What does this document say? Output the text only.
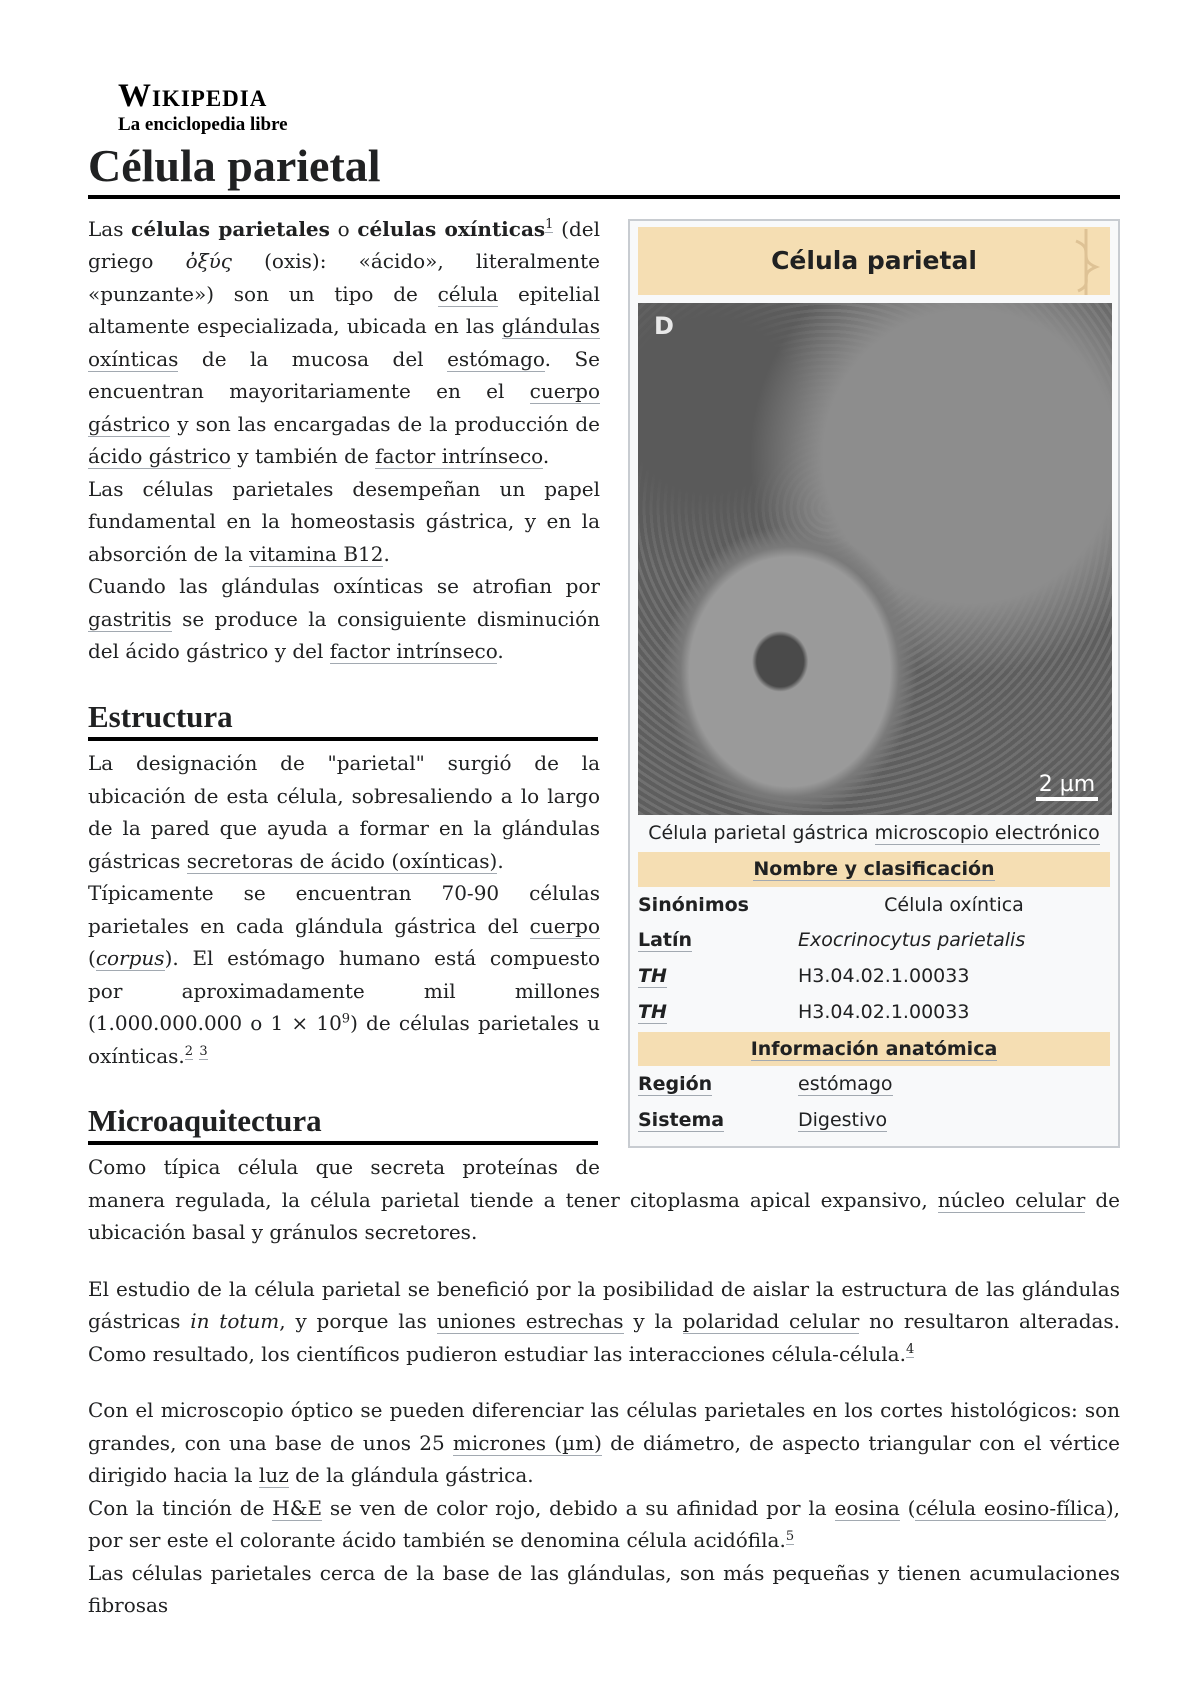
Wikipedia
La enciclopedia libre
Célula parietal
Célula parietal
D
2 µm
Célula parietal gástrica microscopio electrónico
Nombre y clasificación
Sinónimos	Célula oxíntica
Latín	Exocrinocytus parietalis
TH	H3.04.02.1.00033
TH	H3.04.02.1.00033
Información anatómica
Región	estómago
Sistema	Digestivo

Las células parietales o células oxínticas$^1$ (del griego ὀξύς (oxis): «ácido», literalmente «punzante») son un tipo de célula epitelial altamente especializada, ubicada en las glándulas oxínticas de la mucosa del estómago. Se encuentran mayoritariamente en el cuerpo gástrico y son las encargadas de la producción de ácido gástrico y también de factor intrínseco.

Las células parietales desempeñan un papel fundamental en la homeostasis gástrica, y en la absorción de la vitamina B12.

Cuando las glándulas oxínticas se atrofian por gastritis se produce la consiguiente disminución del ácido gástrico y del factor intrínseco.

Estructura

La designación de "parietal" surgió de la ubicación de esta célula, sobresaliendo a lo largo de la pared que ayuda a formar en la glándulas gástricas secretoras de ácido (oxínticas).

Típicamente se encuentran 70-90 células parietales en cada glándula gástrica del cuerpo (corpus). El estómago humano está compuesto por aproximadamente mil millones (1.000.000.000 o $1 \times 10^9$) de células parietales u oxínticas.$^2$ $^3$

Microaquitectura

Como típica célula que secreta proteínas de manera regulada, la célula parietal tiende a tener citoplasma apical expansivo, núcleo celular de ubicación basal y gránulos secretores.

El estudio de la célula parietal se benefició por la posibilidad de aislar la estructura de las glándulas gástricas in totum, y porque las uniones estrechas y la polaridad celular no resultaron alteradas. Como resultado, los científicos pudieron estudiar las interacciones célula-célula.$^4$

Con el microscopio óptico se pueden diferenciar las células parietales en los cortes histológicos: son grandes, con una base de unos 25 micrones (µm) de diámetro, de aspecto triangular con el vértice dirigido hacia la luz de la glándula gástrica.

Con la tinción de H&E se ven de color rojo, debido a su afinidad por la eosina (célula eosino-fílica), por ser este el colorante ácido también se denomina célula acidófila.$^5$

Las células parietales cerca de la base de las glándulas, son más pequeñas y tienen acumulaciones fibrosas
